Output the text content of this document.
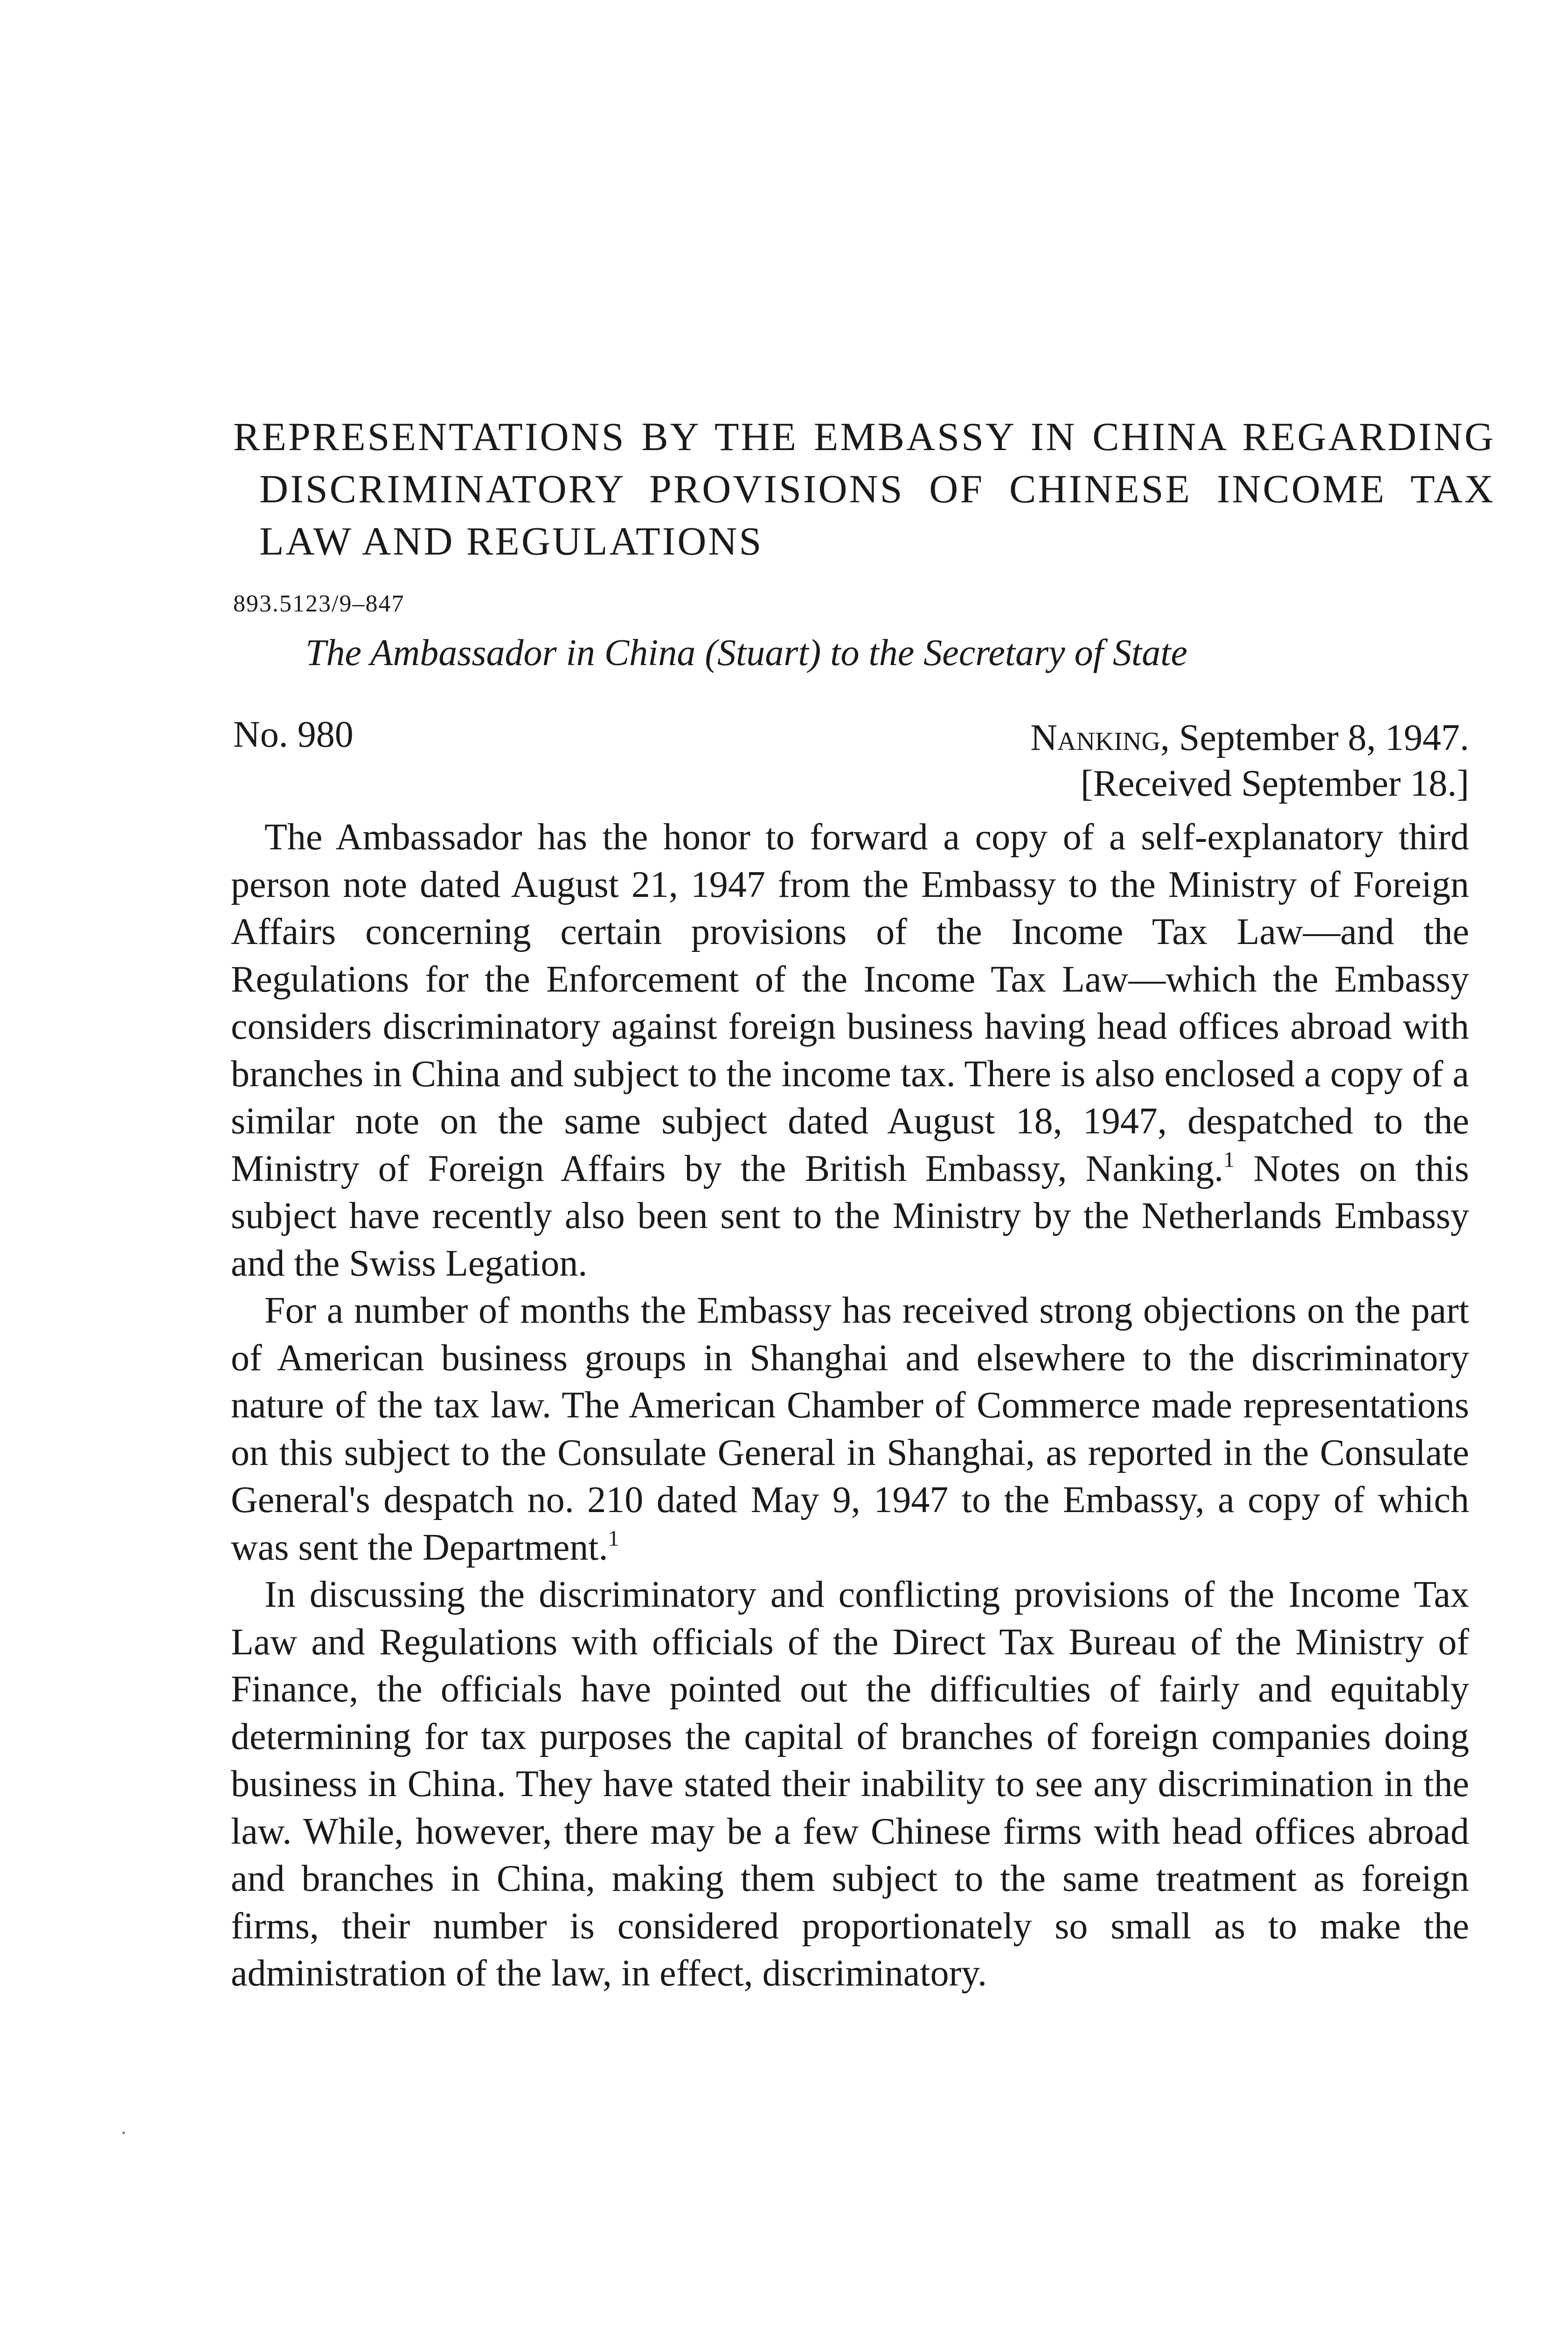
REPRESENTATIONS BY THE EMBASSY IN CHINA REGARDING DISCRIMINATORY PROVISIONS OF CHINESE INCOME TAX LAW AND REGULATIONS
893.5123/9–847
The Ambassador in China (Stuart) to the Secretary of State
No. 980	Nanking, September 8, 1947.
[Received September 18.]

The Ambassador has the honor to forward a copy of a self-explanatory third person note dated August 21, 1947 from the Embassy to the Ministry of Foreign Affairs concerning certain provisions of the Income Tax Law—and the Regulations for the Enforcement of the Income Tax Law—which the Embassy considers discriminatory against foreign business having head offices abroad with branches in China and subject to the income tax. There is also enclosed a copy of a similar note on the same subject dated August 18, 1947, despatched to the Ministry of Foreign Affairs by the British Embassy, Nanking.$^1$ Notes on this subject have recently also been sent to the Ministry by the Netherlands Embassy and the Swiss Legation.

For a number of months the Embassy has received strong objections on the part of American business groups in Shanghai and elsewhere to the discriminatory nature of the tax law. The American Chamber of Commerce made representations on this subject to the Consulate General in Shanghai, as reported in the Consulate General's despatch no. 210 dated May 9, 1947 to the Embassy, a copy of which was sent the Department.$^1$

In discussing the discriminatory and conflicting provisions of the Income Tax Law and Regulations with officials of the Direct Tax Bureau of the Ministry of Finance, the officials have pointed out the difficulties of fairly and equitably determining for tax purposes the capital of branches of foreign companies doing business in China. They have stated their inability to see any discrimination in the law. While, however, there may be a few Chinese firms with head offices abroad and branches in China, making them subject to the same treatment as foreign firms, their number is considered proportionately so small as to make the administration of the law, in effect, discriminatory.
